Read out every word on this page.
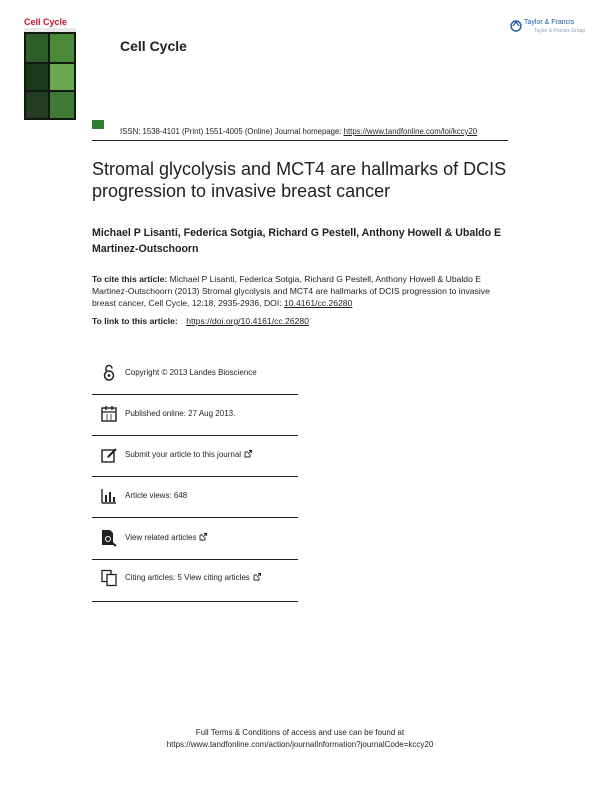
Cell Cycle
Cell Cycle
Taylor & Francis
Taylor & Francis Group
ISSN: 1538-4101 (Print) 1551-4005 (Online) Journal homepage: https://www.tandfonline.com/loi/kccy20
Stromal glycolysis and MCT4 are hallmarks of DCIS progression to invasive breast cancer
Michael P Lisanti, Federica Sotgia, Richard G Pestell, Anthony Howell & Ubaldo E Martinez-Outschoorn
To cite this article: Michael P Lisanti, Federica Sotgia, Richard G Pestell, Anthony Howell & Ubaldo E Martinez-Outschoorn (2013) Stromal glycolysis and MCT4 are hallmarks of DCIS progression to invasive breast cancer, Cell Cycle, 12:18, 2935-2936, DOI: 10.4161/cc.26280
To link to this article: https://doi.org/10.4161/cc.26280
Copyright © 2013 Landes Bioscience
Published online: 27 Aug 2013.
Submit your article to this journal
Article views: 648
View related articles
Citing articles: 5 View citing articles
Full Terms & Conditions of access and use can be found at
https://www.tandfonline.com/action/journalInformation?journalCode=kccy20
